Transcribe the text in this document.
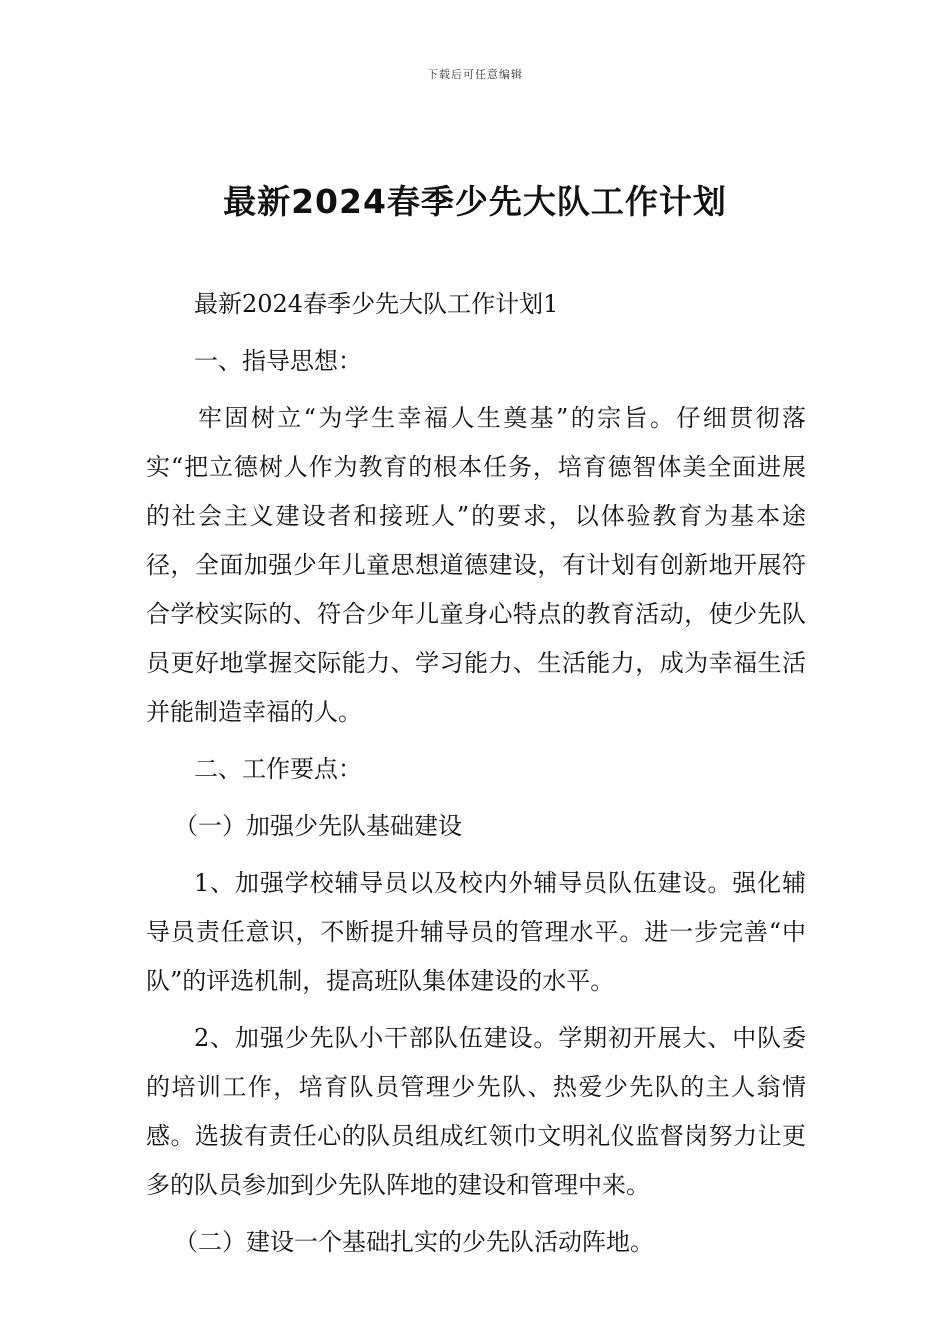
下载后可任意编辑
最新2024春季少先大队工作计划

最新2024春季少先大队工作计划1

一、指导思想：

牢固树立“为学生幸福人生奠基”的宗旨。仔细贯彻落实“把立德树人作为教育的根本任务，培育德智体美全面进展的社会主义建设者和接班人”的要求，以体验教育为基本途径，全面加强少年儿童思想道德建设，有计划有创新地开展符合学校实际的、符合少年儿童身心特点的教育活动，使少先队员更好地掌握交际能力、学习能力、生活能力，成为幸福生活并能制造幸福的人。

二、工作要点：

（一）加强少先队基础建设

1、加强学校辅导员以及校内外辅导员队伍建设。强化辅导员责任意识，不断提升辅导员的管理水平。进一步完善“中队”的评选机制，提高班队集体建设的水平。

2、加强少先队小干部队伍建设。学期初开展大、中队委的培训工作，培育队员管理少先队、热爱少先队的主人翁情感。选拔有责任心的队员组成红领巾文明礼仪监督岗努力让更多的队员参加到少先队阵地的建设和管理中来。

（二）建设一个基础扎实的少先队活动阵地。
